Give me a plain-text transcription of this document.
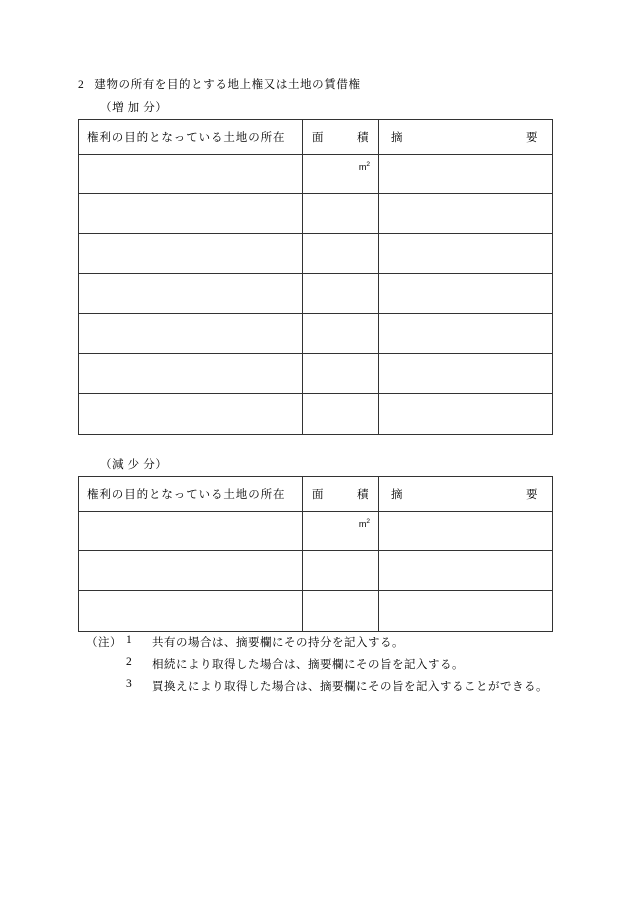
2 建物の所有を目的とする地上権又は土地の賃借権
（増 加 分）
権利の目的となっている土地の所在	面 積	摘 要

	$m^2$

（減 少 分）
権利の目的となっている土地の所在	面 積	摘 要

	$m^2$

（注） 1	共有の場合は、摘要欄にその持分を記入する。
2	相続により取得した場合は、摘要欄にその旨を記入する。
3	買換えにより取得した場合は、摘要欄にその旨を記入することができる。
